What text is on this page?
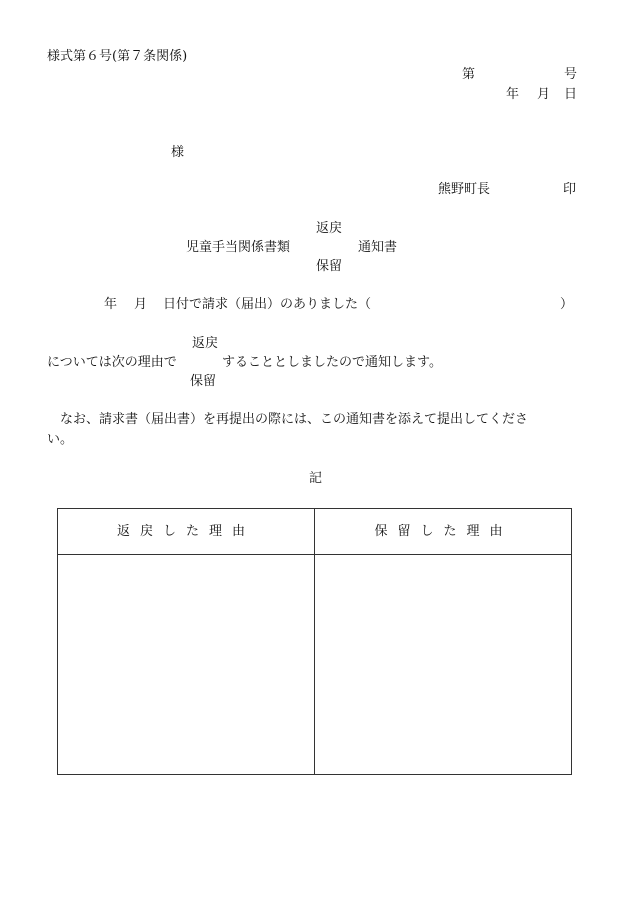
様式第６号(第７条関係)
第	号
年 月 日
様
熊野町長	印
返戻
児童手当関係書類	通知書
保留
年 月 日付で請求（届出）のありました（	）
返戻
については次の理由で	することとしましたので通知します。
保留
なお、請求書（届出書）を再提出の際には、この通知書を添えて提出してくださ
い。
記
返戻した理由	保留した理由
